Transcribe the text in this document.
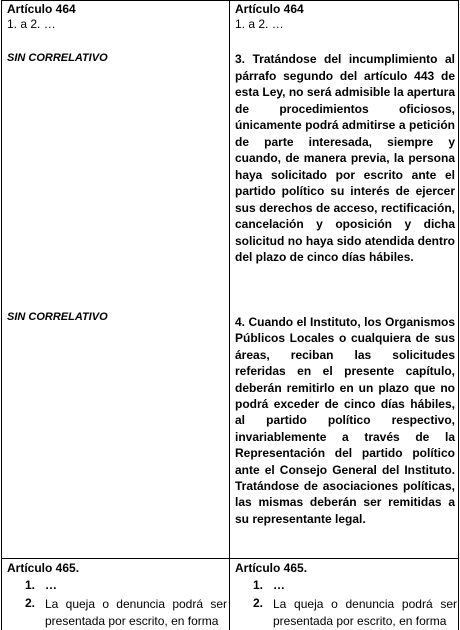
Artículo 464
1. a 2. …
SIN CORRELATIVO
SIN CORRELATIVO
Artículo 464
1. a 2. …
3. Tratándose del incumplimiento al párrafo segundo del artículo 443 de esta Ley, no será admisible la apertura de procedimientos oficiosos, únicamente podrá admitirse a petición de parte interesada, siempre y cuando, de manera previa, la persona haya solicitado por escrito ante el partido político su interés de ejercer sus derechos de acceso, rectificación, cancelación y oposición y dicha solicitud no haya sido atendida dentro del plazo de cinco días hábiles.
4. Cuando el Instituto, los Organismos Públicos Locales o cualquiera de sus áreas, reciban las solicitudes referidas en el presente capítulo, deberán remitirlo en un plazo que no podrá exceder de cinco días hábiles, al partido político respectivo, invariablemente a través de la Representación del partido político ante el Consejo General del Instituto. Tratándose de asociaciones políticas, las mismas deberán ser remitidas a su representante legal.
Artículo 465.
1. …
2. La queja o denuncia podrá ser presentada por escrito, en forma
Artículo 465.
1. …
2. La queja o denuncia podrá ser presentada por escrito, en forma
